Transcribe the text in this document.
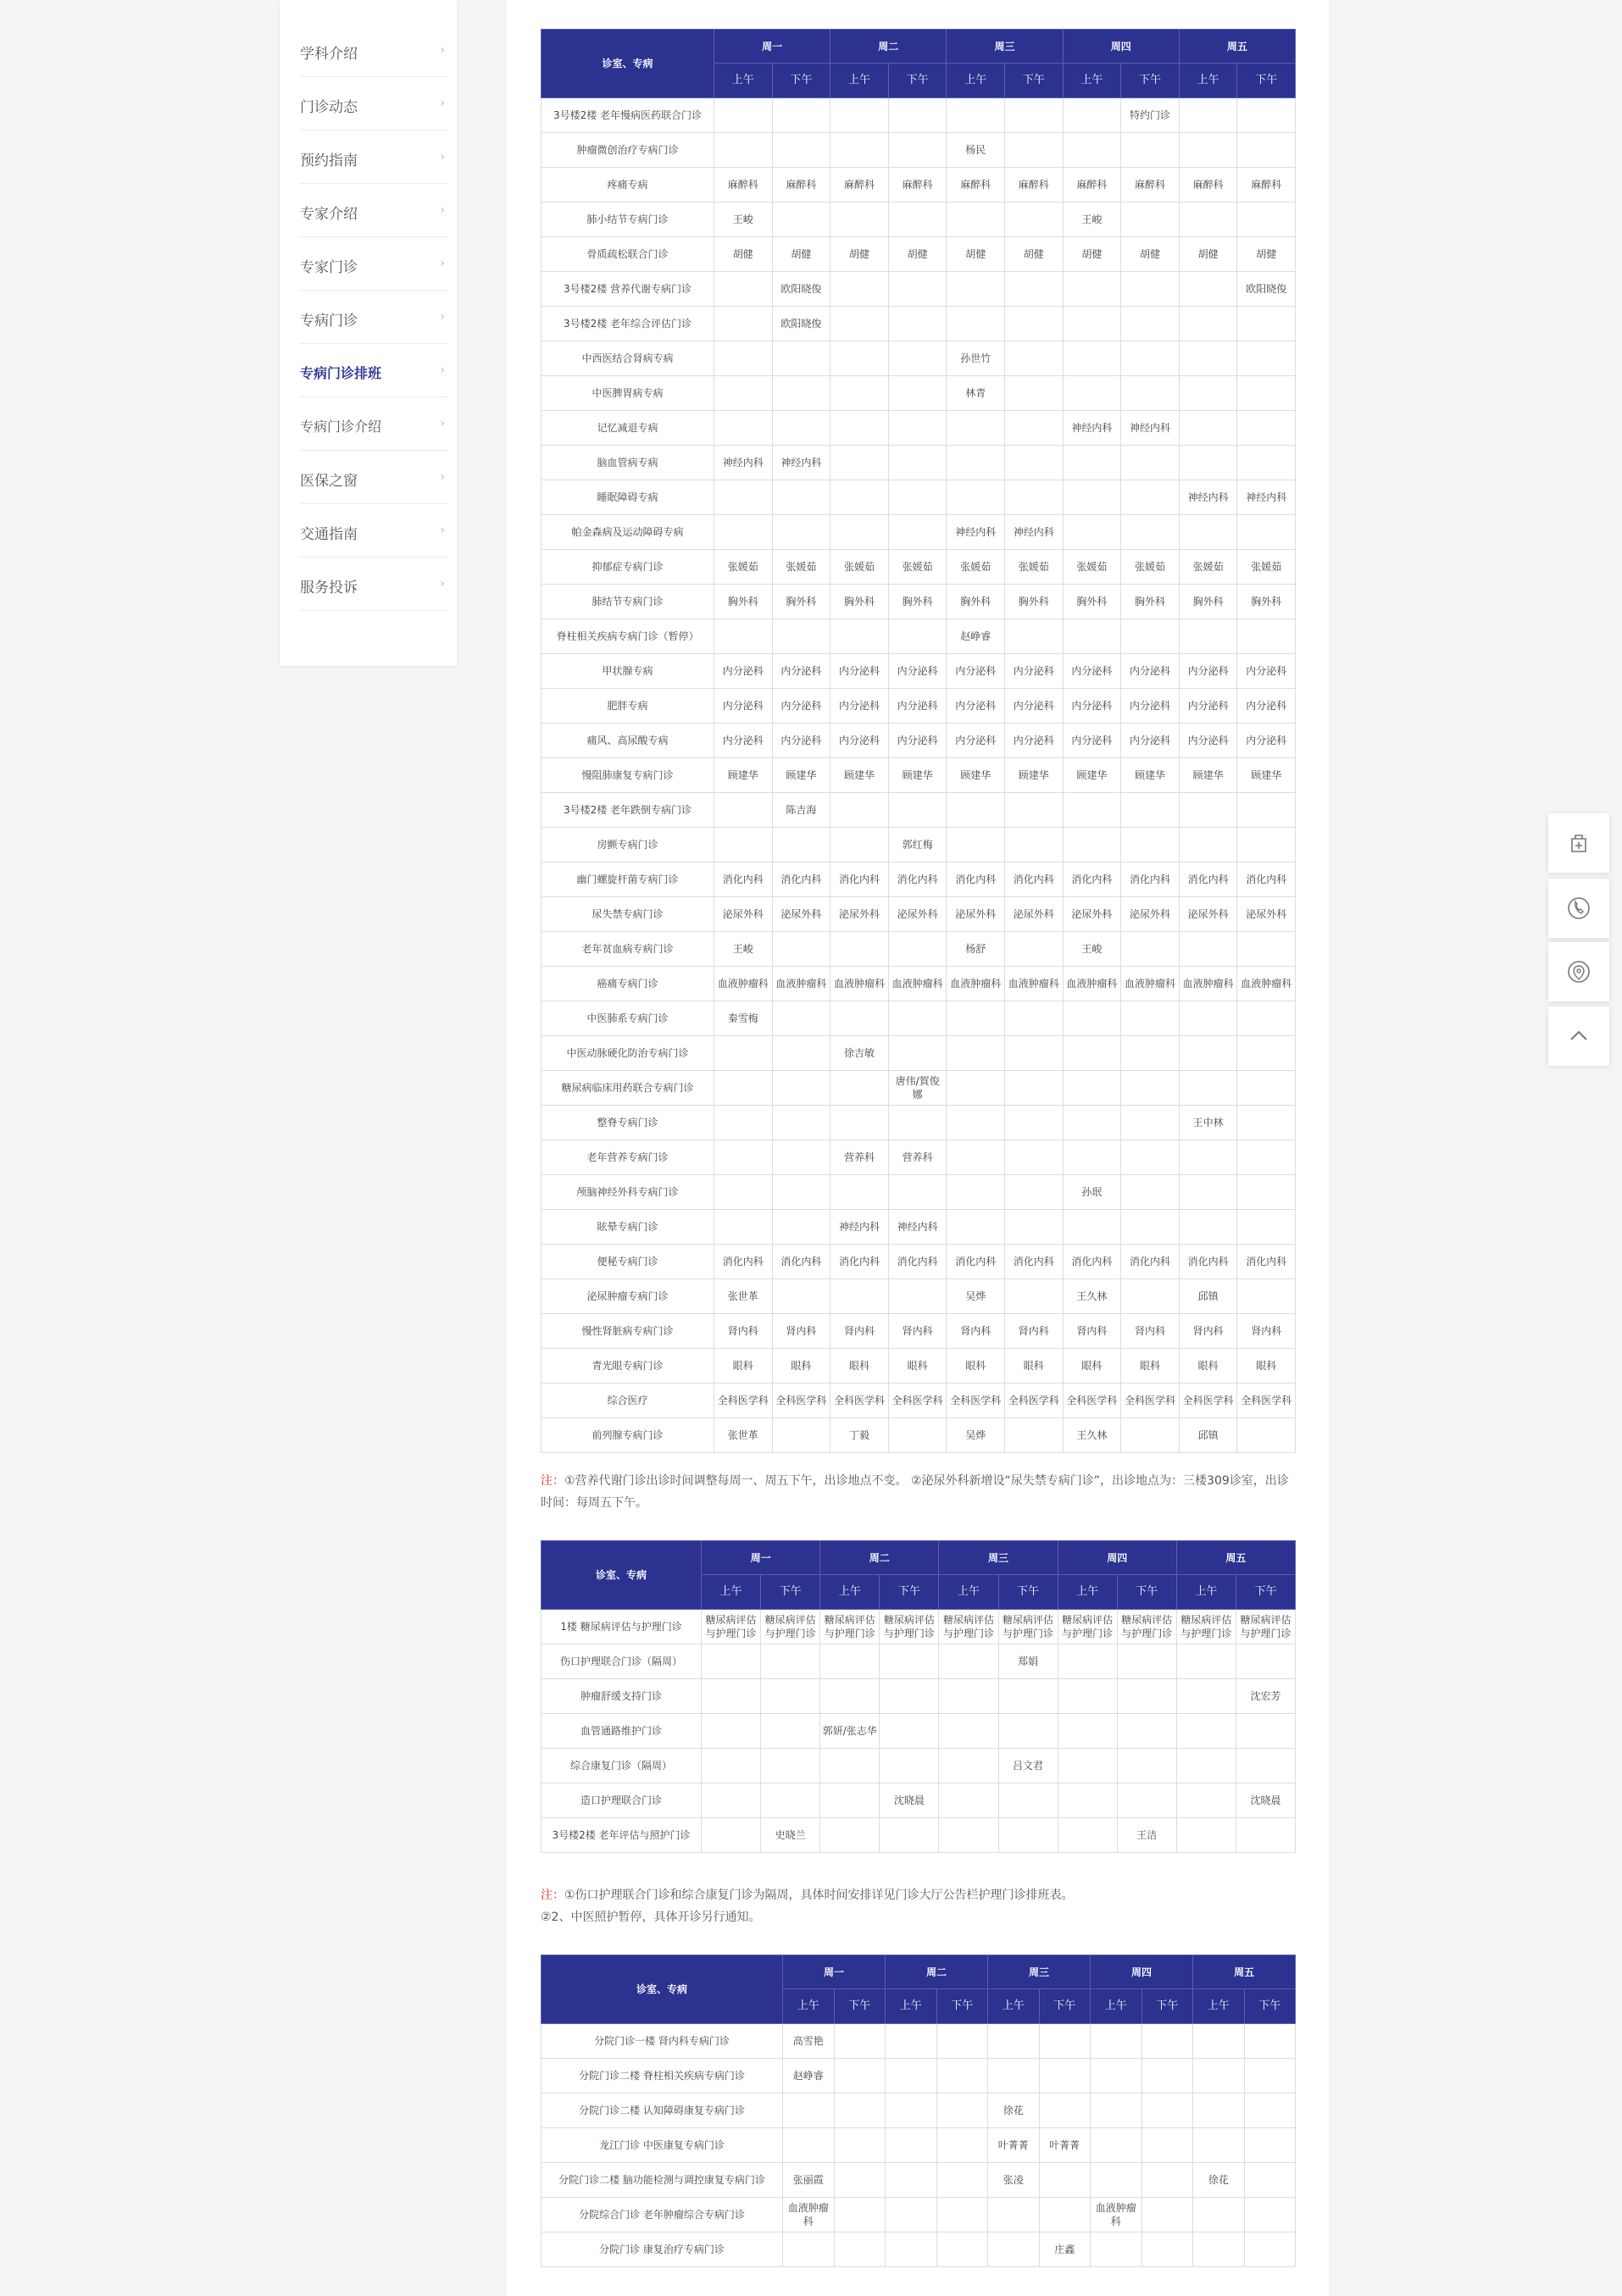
学科介绍	›
门诊动态	›
预约指南	›
专家介绍	›
专家门诊	›
专病门诊	›
专病门诊排班	›
专病门诊介绍	›
医保之窗	›
交通指南	›
服务投诉	›
诊室、专病	周一		周二		周三		周四		周五	
	上午	下午	上午	下午	上午	下午	上午	下午	上午	下午
3号楼2楼 老年慢病医药联合门诊								特约门诊		
肿瘤微创治疗专病门诊					杨民					
疼痛专病	麻醉科	麻醉科	麻醉科	麻醉科	麻醉科	麻醉科	麻醉科	麻醉科	麻醉科	麻醉科
肺小结节专病门诊	王峻						王峻			
骨质疏松联合门诊	胡健	胡健	胡健	胡健	胡健	胡健	胡健	胡健	胡健	胡健
3号楼2楼 营养代谢专病门诊		欧阳晓俊								欧阳晓俊
3号楼2楼 老年综合评估门诊		欧阳晓俊								
中西医结合肾病专病					孙世竹					
中医脾胃病专病					林青					
记忆减退专病							神经内科	神经内科		
脑血管病专病	神经内科	神经内科								
睡眠障碍专病									神经内科	神经内科
帕金森病及运动障碍专病					神经内科	神经内科				
抑郁症专病门诊	张媛茹	张媛茹	张媛茹	张媛茹	张媛茹	张媛茹	张媛茹	张媛茹	张媛茹	张媛茹
肺结节专病门诊	胸外科	胸外科	胸外科	胸外科	胸外科	胸外科	胸外科	胸外科	胸外科	胸外科
脊柱相关疾病专病门诊（暂停）					赵峥睿					
甲状腺专病	内分泌科	内分泌科	内分泌科	内分泌科	内分泌科	内分泌科	内分泌科	内分泌科	内分泌科	内分泌科
肥胖专病	内分泌科	内分泌科	内分泌科	内分泌科	内分泌科	内分泌科	内分泌科	内分泌科	内分泌科	内分泌科
痛风、高尿酸专病	内分泌科	内分泌科	内分泌科	内分泌科	内分泌科	内分泌科	内分泌科	内分泌科	内分泌科	内分泌科
慢阻肺康复专病门诊	顾建华	顾建华	顾建华	顾建华	顾建华	顾建华	顾建华	顾建华	顾建华	顾建华
3号楼2楼 老年跌倒专病门诊		陈吉海								
房颤专病门诊				郭红梅						
幽门螺旋杆菌专病门诊	消化内科	消化内科	消化内科	消化内科	消化内科	消化内科	消化内科	消化内科	消化内科	消化内科
尿失禁专病门诊	泌尿外科	泌尿外科	泌尿外科	泌尿外科	泌尿外科	泌尿外科	泌尿外科	泌尿外科	泌尿外科	泌尿外科
老年贫血病专病门诊	王峻				杨舒		王峻			
癌痛专病门诊	血液肿瘤科	血液肿瘤科	血液肿瘤科	血液肿瘤科	血液肿瘤科	血液肿瘤科	血液肿瘤科	血液肿瘤科	血液肿瘤科	血液肿瘤科
中医肺系专病门诊	秦雪梅									
中医动脉硬化防治专病门诊			徐吉敏							
糖尿病临床用药联合专病门诊				唐伟/賀俊娜						
整脊专病门诊									王中林	
老年营养专病门诊			营养科	营养科						
颅脑神经外科专病门诊							孙珉			
眩晕专病门诊			神经内科	神经内科						
便秘专病门诊	消化内科	消化内科	消化内科	消化内科	消化内科	消化内科	消化内科	消化内科	消化内科	消化内科
泌尿肿瘤专病门诊	张世革				吴烨		王久林		邱镇	
慢性肾脏病专病门诊	肾内科	肾内科	肾内科	肾内科	肾内科	肾内科	肾内科	肾内科	肾内科	肾内科
青光眼专病门诊	眼科	眼科	眼科	眼科	眼科	眼科	眼科	眼科	眼科	眼科
综合医疗	全科医学科	全科医学科	全科医学科	全科医学科	全科医学科	全科医学科	全科医学科	全科医学科	全科医学科	全科医学科
前列腺专病门诊	张世革		丁毅		吴烨		王久林		邱镇	
注：①营养代谢门诊出诊时间调整每周一、周五下午，出诊地点不变。 ②泌尿外科新增设“尿失禁专病门诊”，出诊地点为：三楼309诊室，出诊时间：每周五下午。
诊室、专病	周一		周二		周三		周四		周五	
	上午	下午	上午	下午	上午	下午	上午	下午	上午	下午
1楼 糖尿病评估与护理门诊	糖尿病评估与护理门诊	糖尿病评估与护理门诊	糖尿病评估与护理门诊	糖尿病评估与护理门诊	糖尿病评估与护理门诊	糖尿病评估与护理门诊	糖尿病评估与护理门诊	糖尿病评估与护理门诊	糖尿病评估与护理门诊	糖尿病评估与护理门诊
伤口护理联合门诊（隔周）						郑娟				
肿瘤舒缓支持门诊										沈宏芳
血管通路维护门诊			郭妍/张志华							
综合康复门诊（隔周）						吕文君				
造口护理联合门诊				沈晓晨						沈晓晨
3号楼2楼 老年评估与照护门诊		史晓兰						王洁		
注：①伤口护理联合门诊和综合康复门诊为隔周，具体时间安排详见门诊大厅公告栏护理门诊排班表。
②2、中医照护暂停，具体开诊另行通知。
诊室、专病	周一		周二		周三		周四		周五	
	上午	下午	上午	下午	上午	下午	上午	下午	上午	下午
分院门诊一楼 肾内科专病门诊	高雪艳									
分院门诊二楼 脊柱相关疾病专病门诊	赵峥睿									
分院门诊二楼 认知障碍康复专病门诊					徐花					
龙江门诊 中医康复专病门诊					叶菁菁	叶菁菁				
分院门诊二楼 脑功能检测与调控康复专病门诊	张丽霞				张凌				徐花	
分院综合门诊 老年肿瘤综合专病门诊	血液肿瘤科						血液肿瘤科			
分院门诊 康复治疗专病门诊						庄鑫				
